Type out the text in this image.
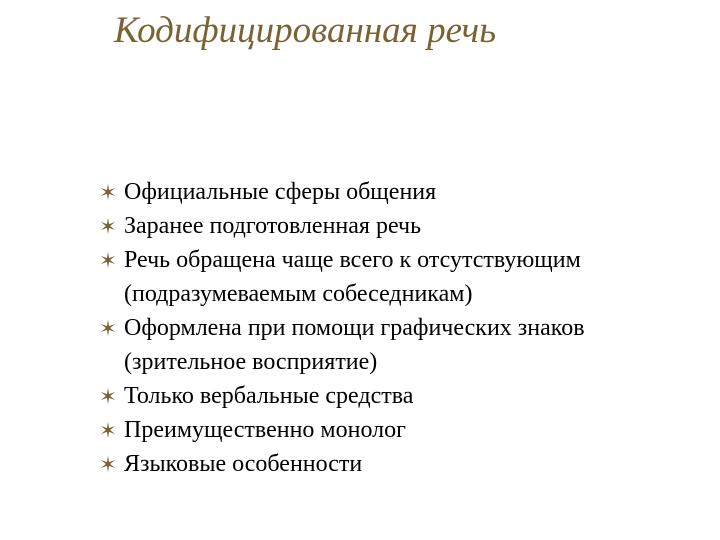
Кодифицированная речь
Официальные сферы общения
Заранее подготовленная речь
Речь обращена чаще всего к отсутствующим
(подразумеваемым собеседникам)
Оформлена при помощи графических знаков
(зрительное восприятие)
Только вербальные средства
Преимущественно монолог
Языковые особенности
